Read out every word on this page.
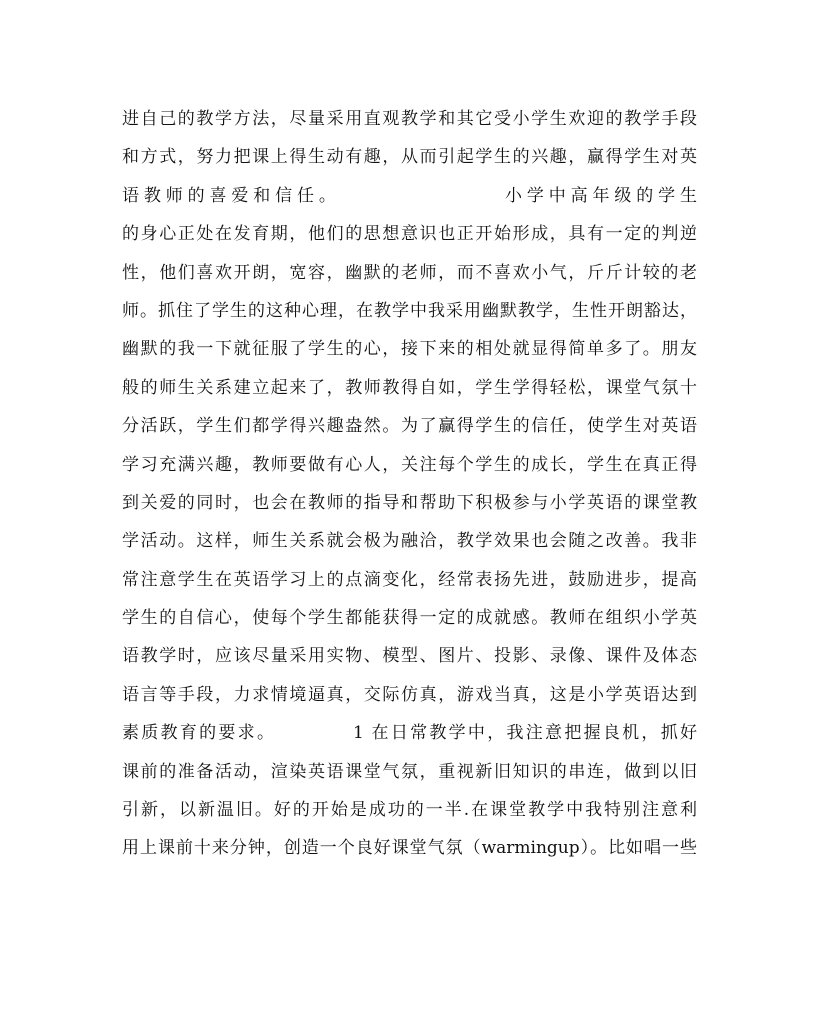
进自己的教学方法，尽量采用直观教学和其它受小学生欢迎的教学手段
和方式，努力把课上得生动有趣，从而引起学生的兴趣，赢得学生对英
语教师的喜爱和信任。                小学中高年级的学生
的身心正处在发育期，他们的思想意识也正开始形成，具有一定的判逆
性，他们喜欢开朗，宽容，幽默的老师，而不喜欢小气，斤斤计较的老
师。抓住了学生的这种心理，在教学中我采用幽默教学，生性开朗豁达，
幽默的我一下就征服了学生的心，接下来的相处就显得简单多了。朋友
般的师生关系建立起来了，教师教得自如，学生学得轻松，课堂气氛十
分活跃，学生们都学得兴趣盎然。为了赢得学生的信任，使学生对英语
学习充满兴趣，教师要做有心人，关注每个学生的成长，学生在真正得
到关爱的同时，也会在教师的指导和帮助下积极参与小学英语的课堂教
学活动。这样，师生关系就会极为融洽，教学效果也会随之改善。我非
常注意学生在英语学习上的点滴变化，经常表扬先进，鼓励进步，提高
学生的自信心，使每个学生都能获得一定的成就感。教师在组织小学英
语教学时，应该尽量采用实物、模型、图片、投影、录像、课件及体态
语言等手段，力求情境逼真，交际仿真，游戏当真，这是小学英语达到
素质教育的要求。          1 在日常教学中，我注意把握良机，抓好
课前的准备活动，渲染英语课堂气氛，重视新旧知识的串连，做到以旧
引新，以新温旧。好的开始是成功的一半.在课堂教学中我特别注意利
用上课前十来分钟，创造一个良好课堂气氛（warmingup）。比如唱一些
